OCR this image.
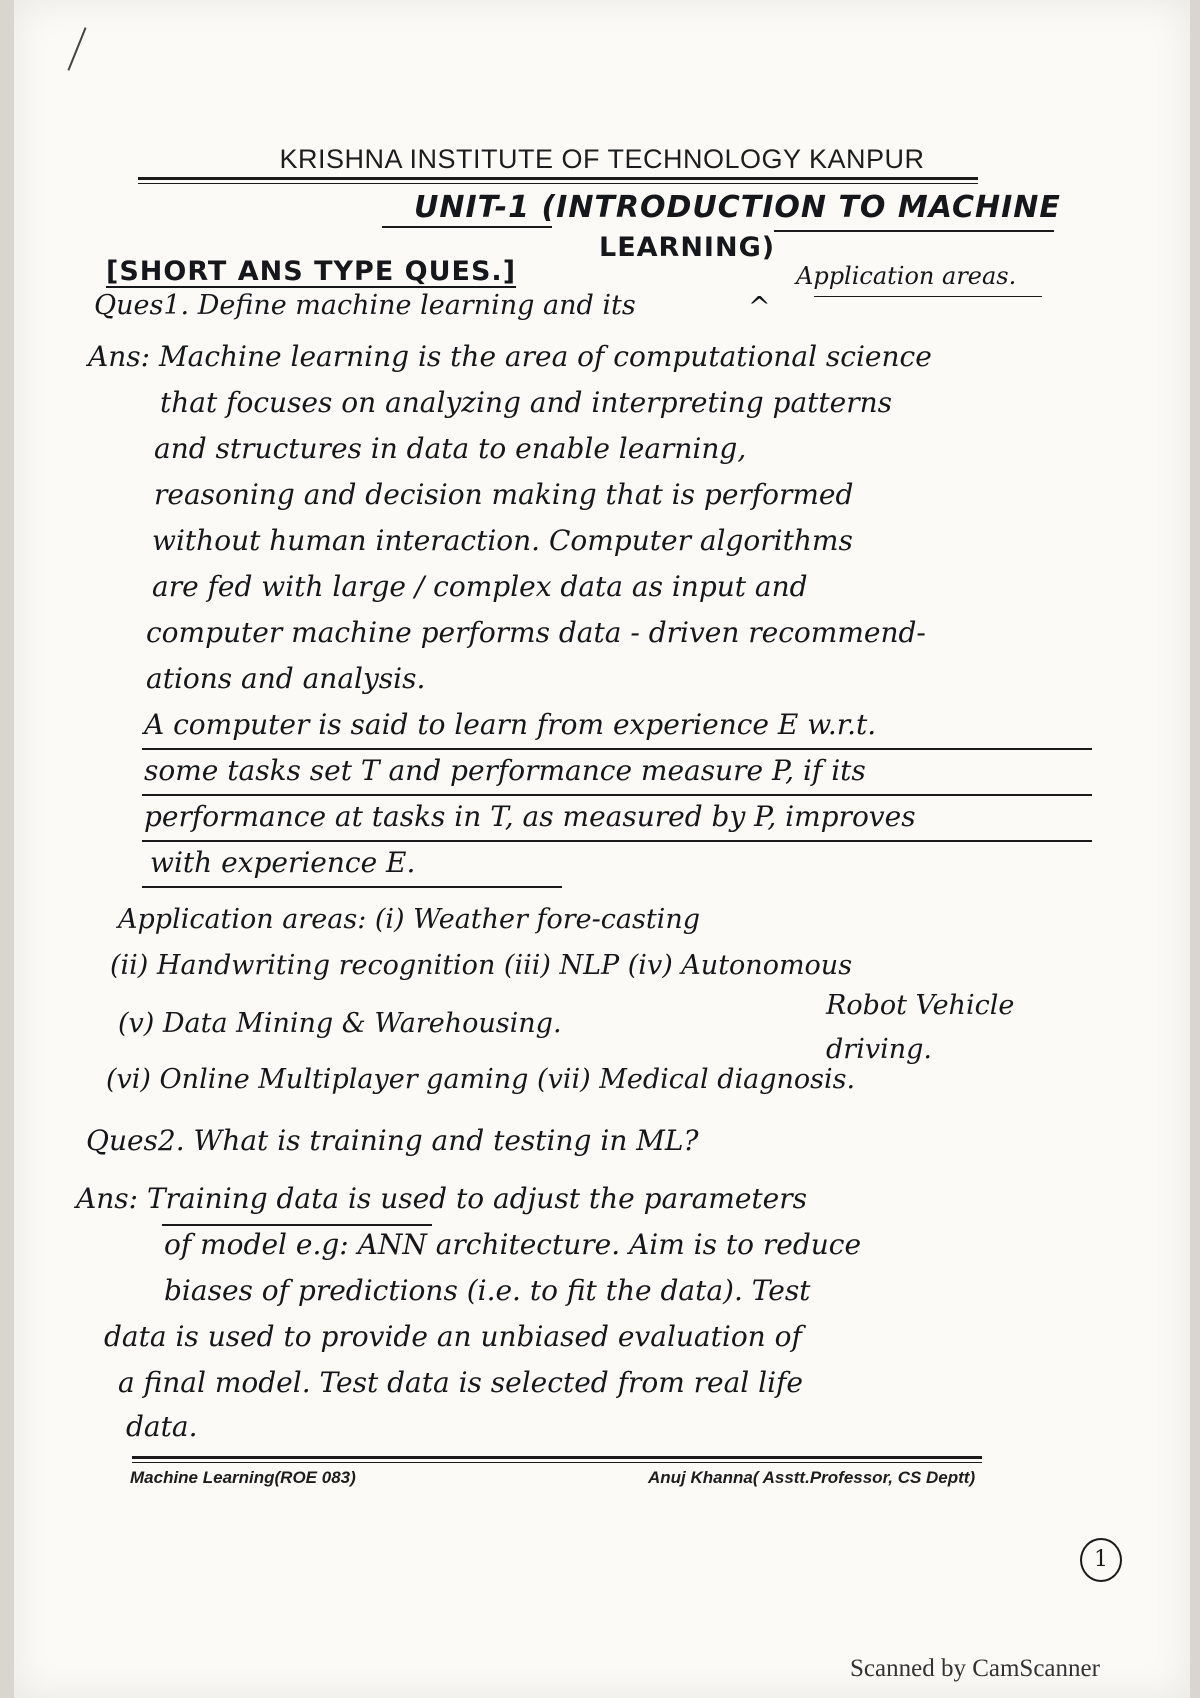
KRISHNA INSTITUTE OF TECHNOLOGY KANPUR
UNIT-1 (INTRODUCTION TO MACHINE
LEARNING)
[SHORT ANS TYPE QUES.]	Application areas.
Ques1. Define machine learning and its	^
Ans: Machine learning is the area of computational science
that focuses on analyzing and interpreting patterns
and structures in data to enable learning,
reasoning and decision making that is performed
without human interaction. Computer algorithms
are fed with large / complex data as input and
computer machine performs data - driven recommend-
ations and analysis.
A computer is said to learn from experience E w.r.t.
some tasks set T and performance measure P, if its
performance at tasks in T, as measured by P, improves
with experience E.
Application areas: (i) Weather fore-casting
(ii) Handwriting recognition (iii) NLP (iv) Autonomous
Robot Vehicle
(v) Data Mining & Warehousing.
driving.
(vi) Online Multiplayer gaming (vii) Medical diagnosis.
Ques2. What is training and testing in ML?
Ans: Training data is used to adjust the parameters
of model e.g: ANN architecture. Aim is to reduce
biases of predictions (i.e. to fit the data). Test
data is used to provide an unbiased evaluation of
a final model. Test data is selected from real life
data.
Machine Learning(ROE 083)	Anuj Khanna( Asstt.Professor, CS Deptt)
1
Scanned by CamScanner
